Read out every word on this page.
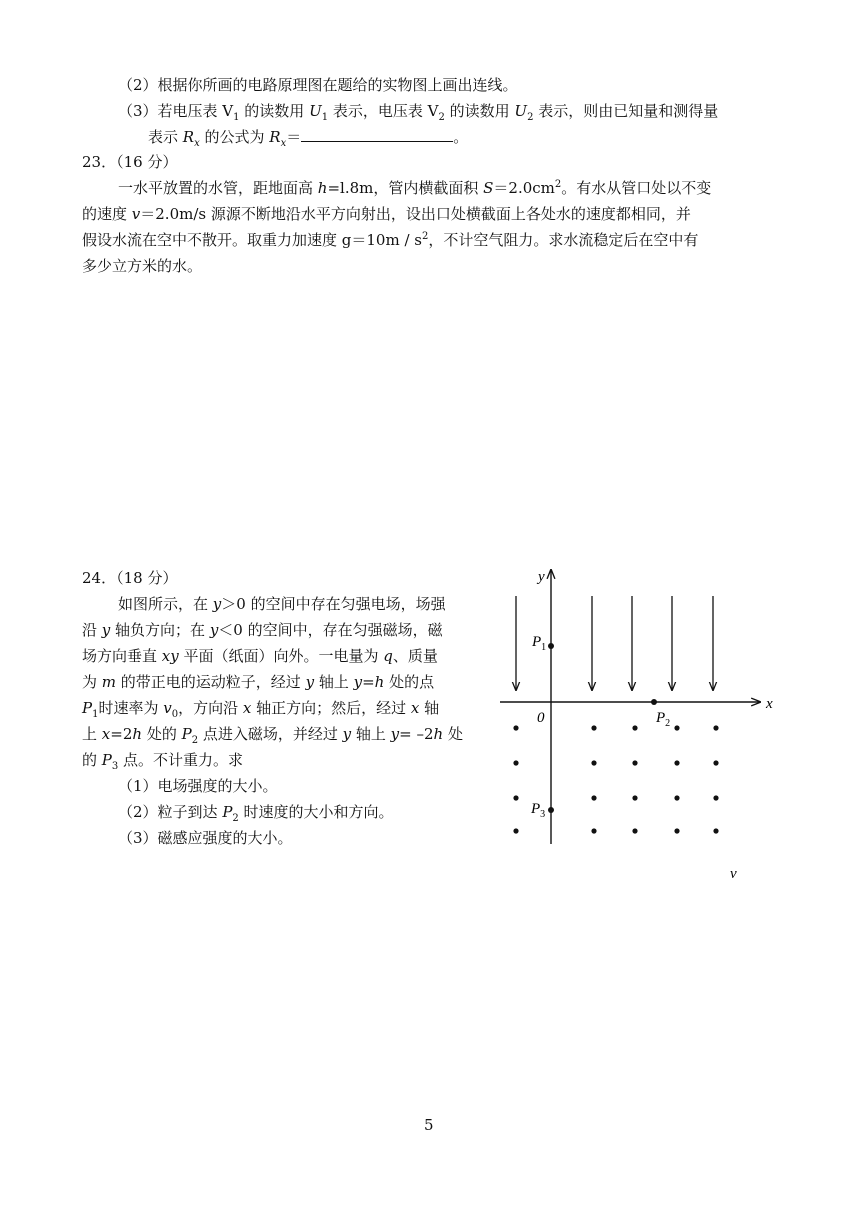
（2）根据你所画的电路原理图在题给的实物图上画出连线。
（3）若电压表 $V_1$ 的读数用 $U_1$ 表示，电压表 $V_2$ 的读数用 $U_2$ 表示，则由已知量和测得量
表示 $R_x$ 的公式为 $R_x=$	。
23．（16 分）
一水平放置的水管，距地面高 h=l.8m，管内横截面积 $S=2.0cm^2$。有水从管口处以不变
的速度 v＝2.0m/s 源源不断地沿水平方向射出，设出口处横截面上各处水的速度都相同，并
假设水流在空中不散开。取重力加速度 $g=10m / s^2$，不计空气阻力。求水流稳定后在空中有
多少立方米的水。
24．（18 分）
如图所示，在 y＞0 的空间中存在匀强电场，场强
沿 y 轴负方向；在 y＜0 的空间中，存在匀强磁场，磁
场方向垂直 xy 平面（纸面）向外。一电量为 q、质量
为 m 的带正电的运动粒子，经过 y 轴上 y=h 处的点
$P_1$时速率为 $v_0$，方向沿 x 轴正方向；然后，经过 x 轴
上 x=2h 处的 $P_2$ 点进入磁场，并经过 y 轴上 y= –2h 处
的 $P_3$ 点。不计重力。求
（1）电场强度的大小。
（2）粒子到达 $P_2$ 时速度的大小和方向。
（3）磁感应强度的大小。
y
x
0
$P_1$
$P_2$
$P_3$
v
5
